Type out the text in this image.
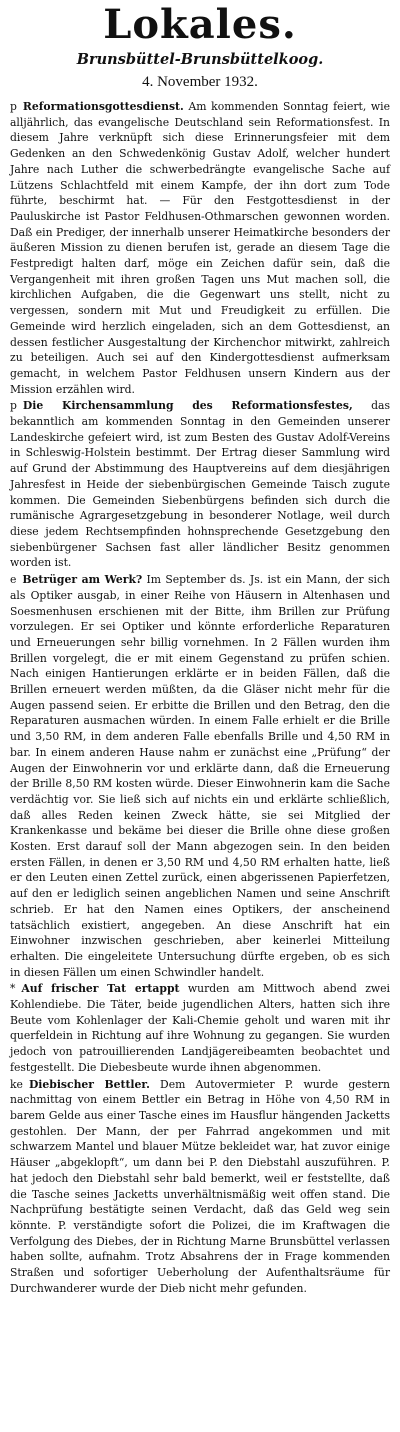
Lokales.
Brunsbüttel-Brunsbüttelkoog.
4. November 1932.

p Reformationsgottesdienst. Am kommenden Sonntag feiert, wie alljährlich, das evangelische Deutschland sein Reformationsfest. In diesem Jahre verknüpft sich diese Erinnerungsfeier mit dem Gedenken an den Schwedenkönig Gustav Adolf, welcher hundert Jahre nach Luther die schwerbedrängte evangelische Sache auf Lützens Schlachtfeld mit einem Kampfe, der ihn dort zum Tode führte, beschirmt hat. — Für den Festgottesdienst in der Pauluskirche ist Pastor Feldhusen-Othmarschen gewonnen worden. Daß ein Prediger, der innerhalb unserer Heimatkirche besonders der äußeren Mission zu dienen berufen ist, gerade an diesem Tage die Festpredigt halten darf, möge ein Zeichen dafür sein, daß die Vergangenheit mit ihren großen Tagen uns Mut machen soll, die kirchlichen Aufgaben, die die Gegenwart uns stellt, nicht zu vergessen, sondern mit Mut und Freudigkeit zu erfüllen. Die Gemeinde wird herzlich eingeladen, sich an dem Gottesdienst, an dessen festlicher Ausgestaltung der Kirchenchor mitwirkt, zahlreich zu beteiligen. Auch sei auf den Kindergottesdienst aufmerksam gemacht, in welchem Pastor Feldhusen unsern Kindern aus der Mission erzählen wird.

p Die Kirchensammlung des Reformationsfestes, das bekanntlich am kommenden Sonntag in den Gemeinden unserer Landeskirche gefeiert wird, ist zum Besten des Gustav Adolf-Vereins in Schleswig-Holstein bestimmt. Der Ertrag dieser Sammlung wird auf Grund der Abstimmung des Hauptvereins auf dem diesjährigen Jahresfest in Heide der siebenbürgischen Gemeinde Taisch zugute kommen. Die Gemeinden Siebenbürgens befinden sich durch die rumänische Agrargesetzgebung in besonderer Notlage, weil durch diese jedem Rechtsempfinden hohnsprechende Gesetzgebung den siebenbürgener Sachsen fast aller ländlicher Besitz genommen worden ist.

e Betrüger am Werk? Im September ds. Js. ist ein Mann, der sich als Optiker ausgab, in einer Reihe von Häusern in Altenhasen und Soesmenhusen erschienen mit der Bitte, ihm Brillen zur Prüfung vorzulegen. Er sei Optiker und könnte erforderliche Reparaturen und Erneuerungen sehr billig vornehmen. In 2 Fällen wurden ihm Brillen vorgelegt, die er mit einem Gegenstand zu prüfen schien. Nach einigen Hantierungen erklärte er in beiden Fällen, daß die Brillen erneuert werden müßten, da die Gläser nicht mehr für die Augen passend seien. Er erbitte die Brillen und den Betrag, den die Reparaturen ausmachen würden. In einem Falle erhielt er die Brille und 3,50 RM, in dem anderen Falle ebenfalls Brille und 4,50 RM in bar. In einem anderen Hause nahm er zunächst eine „Prüfung“ der Augen der Einwohnerin vor und erklärte dann, daß die Erneuerung der Brille 8,50 RM kosten würde. Dieser Einwohnerin kam die Sache verdächtig vor. Sie ließ sich auf nichts ein und erklärte schließlich, daß alles Reden keinen Zweck hätte, sie sei Mitglied der Krankenkasse und bekäme bei dieser die Brille ohne diese großen Kosten. Erst darauf soll der Mann abgezogen sein. In den beiden ersten Fällen, in denen er 3,50 RM und 4,50 RM erhalten hatte, ließ er den Leuten einen Zettel zurück, einen abgerissenen Papierfetzen, auf den er lediglich seinen angeblichen Namen und seine Anschrift schrieb. Er hat den Namen eines Optikers, der anscheinend tatsächlich existiert, angegeben. An diese Anschrift hat ein Einwohner inzwischen geschrieben, aber keinerlei Mitteilung erhalten. Die eingeleitete Untersuchung dürfte ergeben, ob es sich in diesen Fällen um einen Schwindler handelt.

* Auf frischer Tat ertappt wurden am Mittwoch abend zwei Kohlendiebe. Die Täter, beide jugendlichen Alters, hatten sich ihre Beute vom Kohlenlager der Kali-Chemie geholt und waren mit ihr querfeldein in Richtung auf ihre Wohnung zu gegangen. Sie wurden jedoch von patrouillierenden Landjägereibeamten beobachtet und festgestellt. Die Diebesbeute wurde ihnen abgenommen.

ke Diebischer Bettler. Dem Autovermieter P. wurde gestern nachmittag von einem Bettler ein Betrag in Höhe von 4,50 RM in barem Gelde aus einer Tasche eines im Hausflur hängenden Jacketts gestohlen. Der Mann, der per Fahrrad angekommen und mit schwarzem Mantel und blauer Mütze bekleidet war, hat zuvor einige Häuser „abgeklopft“, um dann bei P. den Diebstahl auszuführen. P. hat jedoch den Diebstahl sehr bald bemerkt, weil er feststellte, daß die Tasche seines Jacketts unverhältnismäßig weit offen stand. Die Nachprüfung bestätigte seinen Verdacht, daß das Geld weg sein könnte. P. verständigte sofort die Polizei, die im Kraftwagen die Verfolgung des Diebes, der in Richtung Marne Brunsbüttel verlassen haben sollte, aufnahm. Trotz Absahrens der in Frage kommenden Straßen und sofortiger Ueberholung der Aufenthaltsräume für Durchwanderer wurde der Dieb nicht mehr gefunden.
